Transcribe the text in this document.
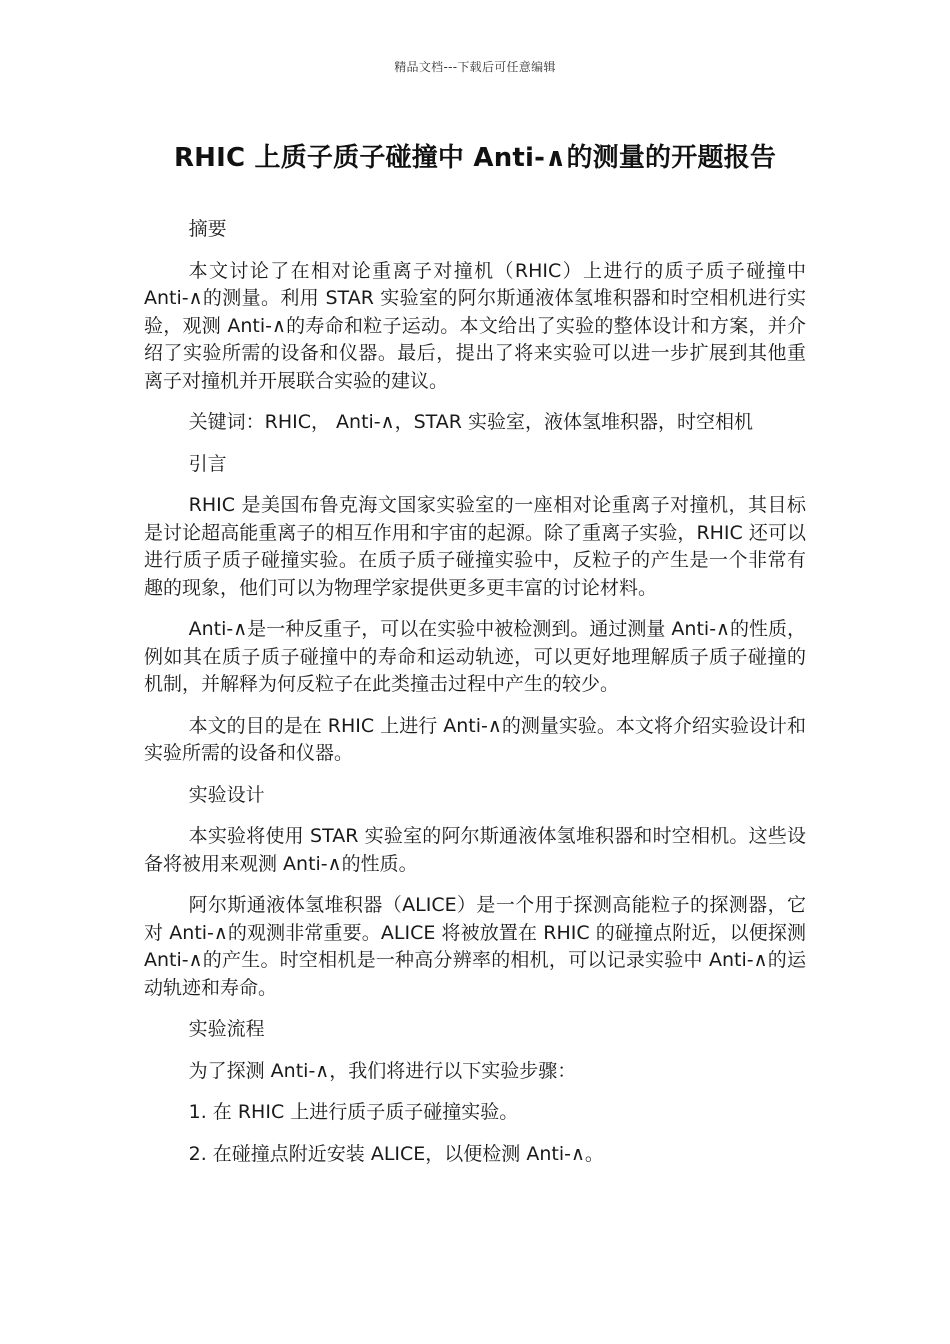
精品文档---下载后可任意编辑
RHIC 上质子质子碰撞中 Anti-∧的测量的开题报告

摘要

本文讨论了在相对论重离子对撞机（RHIC）上进行的质子质子碰撞中 Anti-∧的测量。利用 STAR 实验室的阿尔斯通液体氢堆积器和时空相机进行实验，观测 Anti-∧的寿命和粒子运动。本文给出了实验的整体设计和方案，并介绍了实验所需的设备和仪器。最后，提出了将来实验可以进一步扩展到其他重离子对撞机并开展联合实验的建议。

关键词：RHIC， Anti-∧，STAR 实验室，液体氢堆积器，时空相机

引言

RHIC 是美国布鲁克海文国家实验室的一座相对论重离子对撞机，其目标是讨论超高能重离子的相互作用和宇宙的起源。除了重离子实验，RHIC 还可以进行质子质子碰撞实验。在质子质子碰撞实验中，反粒子的产生是一个非常有趣的现象，他们可以为物理学家提供更多更丰富的讨论材料。

Anti-∧是一种反重子，可以在实验中被检测到。通过测量 Anti-∧的性质，例如其在质子质子碰撞中的寿命和运动轨迹，可以更好地理解质子质子碰撞的机制，并解释为何反粒子在此类撞击过程中产生的较少。

本文的目的是在 RHIC 上进行 Anti-∧的测量实验。本文将介绍实验设计和实验所需的设备和仪器。

实验设计

本实验将使用 STAR 实验室的阿尔斯通液体氢堆积器和时空相机。这些设备将被用来观测 Anti-∧的性质。

阿尔斯通液体氢堆积器（ALICE）是一个用于探测高能粒子的探测器，它对 Anti-∧的观测非常重要。ALICE 将被放置在 RHIC 的碰撞点附近，以便探测 Anti-∧的产生。时空相机是一种高分辨率的相机，可以记录实验中 Anti-∧的运动轨迹和寿命。

实验流程

为了探测 Anti-∧，我们将进行以下实验步骤：

1. 在 RHIC 上进行质子质子碰撞实验。

2. 在碰撞点附近安装 ALICE，以便检测 Anti-∧。
